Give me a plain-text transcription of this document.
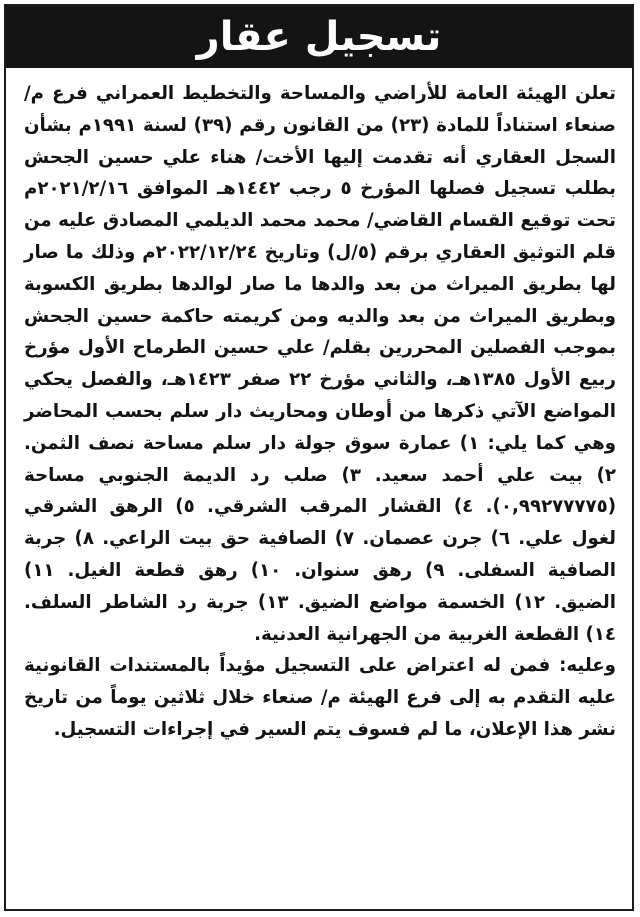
تسجيل عقار

تعلن الهيئة العامة للأراضي والمساحة والتخطيط العمراني فرع م/ صنعاء استناداً للمادة (٢٣) من القانون رقم (٣٩) لسنة ١٩٩١م بشأن السجل العقاري أنه تقدمت إليها الأخت/ هناء علي حسين الجحش بطلب تسجيل فصلها المؤرخ ٥ رجب ١٤٤٢هـ الموافق ٢٠٢١/٢/١٦م تحت توقيع القسام القاضي/ محمد محمد الديلمي المصادق عليه من قلم التوثيق العقاري برقم (٥/ل) وتاريخ ٢٠٢٢/١٢/٢٤م وذلك ما صار لها بطريق الميراث من بعد والدها ما صار لوالدها بطريق الكسوبة وبطريق الميراث من بعد والديه ومن كريمته حاكمة حسين الجحش بموجب الفصلين المحررين بقلم/ علي حسين الطرماح الأول مؤرخ ربيع الأول ١٣٨٥هـ، والثاني مؤرخ ٢٢ صفر ١٤٢٣هـ، والفصل يحكي المواضع الآتي ذكرها من أوطان ومحاريث دار سلم بحسب المحاضر وهي كما يلي: ١) عمارة سوق جولة دار سلم مساحة نصف الثمن. ٢) بيت علي أحمد سعيد. ٣) صلب رد الديمة الجنوبي مساحة (٠,٩٩٢٧٧٧٧٥). ٤) القشار المرقب الشرقي. ٥) الرهق الشرقي لغول علي. ٦) جرن عصمان. ٧) الصافية حق بيت الراعي. ٨) جربة الصافية السفلى. ٩) رهق سنوان. ١٠) رهق قطعة الغيل. ١١) الضيق. ١٢) الخسمة مواضع الضيق. ١٣) جربة رد الشاطر السلف. ١٤) القطعة الغربية من الجهرانية العدنية.

وعليه: فمن له اعتراض على التسجيل مؤيداً بالمستندات القانونية عليه التقدم به إلى فرع الهيئة م/ صنعاء خلال ثلاثين يوماً من تاريخ نشر هذا الإعلان، ما لم فسوف يتم السير في إجراءات التسجيل.
